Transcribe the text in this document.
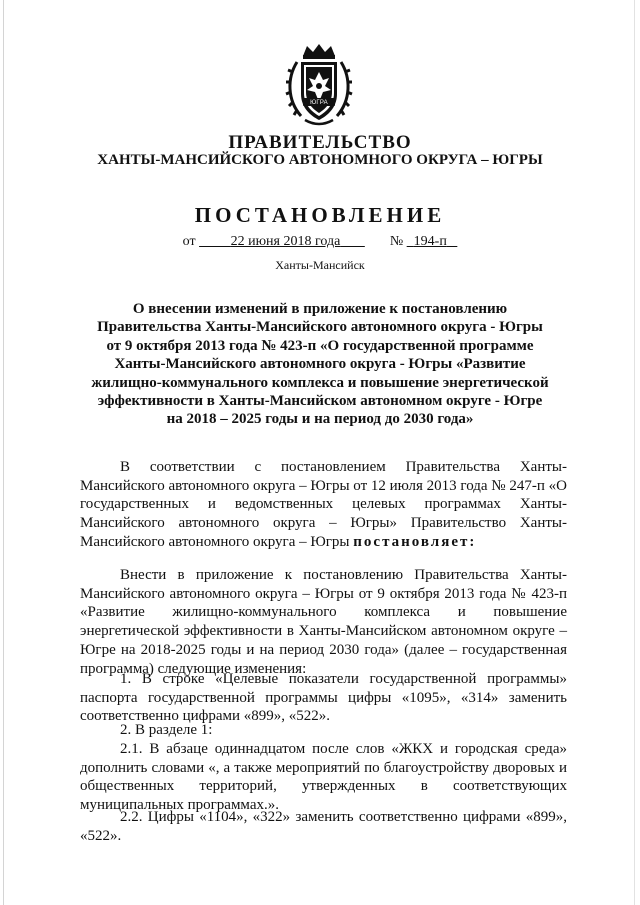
ЮГРА
ПРАВИТЕЛЬСТВО
ХАНТЫ-МАНСИЙСКОГО АВТОНОМНОГО ОКРУГА – ЮГРЫ
ПОСТАНОВЛЕНИЕ
от	22 июня 2018 года	№ 194-п
Ханты-Мансийск
О внесении изменений в приложение к постановлению
Правительства Ханты-Мансийского автономного округа - Югры
от 9 октября 2013 года № 423-п «О государственной программе
Ханты-Мансийского автономного округа - Югры «Развитие
жилищно-коммунального комплекса и повышение энергетической
эффективности в Ханты-Мансийском автономном округе - Югре
на 2018 – 2025 годы и на период до 2030 года»
В соответствии с постановлением Правительства Ханты-Мансийского автономного округа – Югры от 12 июля 2013 года № 247-п «О государственных и ведомственных целевых программах Ханты-Мансийского автономного округа – Югры» Правительство Ханты-Мансийского автономного округа – Югры постановляет:
Внести в приложение к постановлению Правительства Ханты-Мансийского автономного округа – Югры от 9 октября 2013 года № 423-п «Развитие жилищно-коммунального комплекса и повышение энергетической эффективности в Ханты-Мансийском автономном округе – Югре на 2018-2025 годы и на период 2030 года» (далее – государственная программа) следующие изменения:
1. В строке «Целевые показатели государственной программы» паспорта государственной программы цифры «1095», «314» заменить соответственно цифрами «899», «522».
2. В разделе 1:
2.1. В абзаце одиннадцатом после слов «ЖКХ и городская среда» дополнить словами «, а также мероприятий по благоустройству дворовых и общественных территорий, утвержденных в соответствующих муниципальных программах.».
2.2. Цифры «1104», «322» заменить соответственно цифрами «899», «522».
